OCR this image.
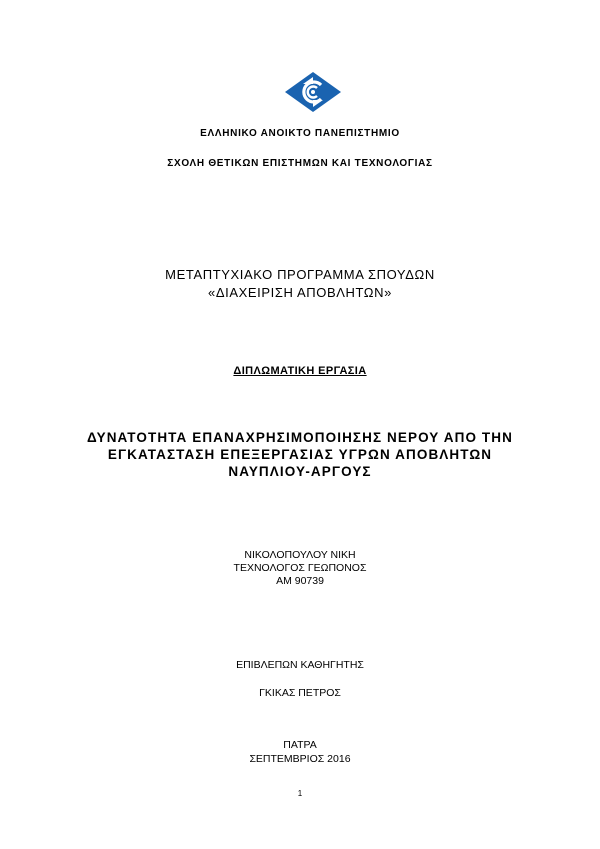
ΕΛΛΗΝΙΚΟ ΑΝΟΙΚΤΟ ΠΑΝΕΠΙΣΤΗΜΙΟ
ΣΧΟΛΗ ΘΕΤΙΚΩΝ ΕΠΙΣΤΗΜΩΝ ΚΑΙ ΤΕΧΝΟΛΟΓΙΑΣ
ΜΕΤΑΠΤΥΧΙΑΚΟ ΠΡΟΓΡΑΜΜΑ ΣΠΟΥΔΩΝ
«ΔΙΑΧΕΙΡΙΣΗ ΑΠΟΒΛΗΤΩΝ»
ΔΙΠΛΩΜΑΤΙΚΗ ΕΡΓΑΣΙΑ
ΔΥΝΑΤΟΤΗΤΑ ΕΠΑΝΑΧΡΗΣΙΜΟΠΟΙΗΣΗΣ ΝΕΡΟΥ ΑΠΟ ΤΗΝ
ΕΓΚΑΤΑΣΤΑΣΗ ΕΠΕΞΕΡΓΑΣΙΑΣ ΥΓΡΩΝ ΑΠΟΒΛΗΤΩΝ
ΝΑΥΠΛΙΟΥ-ΑΡΓΟΥΣ
ΝΙΚΟΛΟΠΟΥΛΟΥ ΝΙΚΗ
ΤΕΧΝΟΛΟΓΟΣ ΓΕΩΠΟΝΟΣ
ΑΜ 90739
ΕΠΙΒΛΕΠΩΝ ΚΑΘΗΓΗΤΗΣ
ΓΚΙΚΑΣ ΠΕΤΡΟΣ
ΠΑΤΡΑ
ΣΕΠΤΕΜΒΡΙΟΣ 2016
1
